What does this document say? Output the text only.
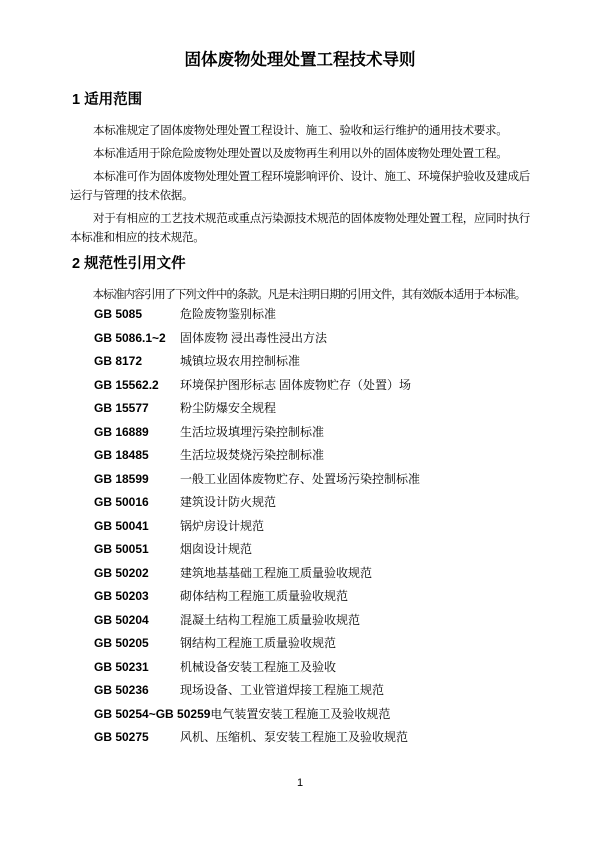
固体废物处理处置工程技术导则
1 适用范围

本标准规定了固体废物处理处置工程设计、施工、验收和运行维护的通用技术要求。

本标准适用于除危险废物处理处置以及废物再生利用以外的固体废物处理处置工程。

本标准可作为固体废物处理处置工程环境影响评价、设计、施工、环境保护验收及建成后运行与管理的技术依据。

对于有相应的工艺技术规范或重点污染源技术规范的固体废物处理处置工程，应同时执行本标准和相应的技术规范。

2 规范性引用文件

本标准内容引用了下列文件中的条款。凡是未注明日期的引用文件，其有效版本适用于本标准。

GB 5085	危险废物鉴别标准
GB 5086.1~2	固体废物 浸出毒性浸出方法
GB 8172	城镇垃圾农用控制标准
GB 15562.2	环境保护图形标志 固体废物贮存（处置）场
GB 15577	粉尘防爆安全规程
GB 16889	生活垃圾填埋污染控制标准
GB 18485	生活垃圾焚烧污染控制标准
GB 18599	一般工业固体废物贮存、处置场污染控制标准
GB 50016	建筑设计防火规范
GB 50041	锅炉房设计规范
GB 50051	烟囱设计规范
GB 50202	建筑地基基础工程施工质量验收规范
GB 50203	砌体结构工程施工质量验收规范
GB 50204	混凝土结构工程施工质量验收规范
GB 50205	钢结构工程施工质量验收规范
GB 50231	机械设备安装工程施工及验收
GB 50236	现场设备、工业管道焊接工程施工规范
GB 50254~GB 50259 电气装置安装工程施工及验收规范
GB 50275	风机、压缩机、泵安装工程施工及验收规范
1
